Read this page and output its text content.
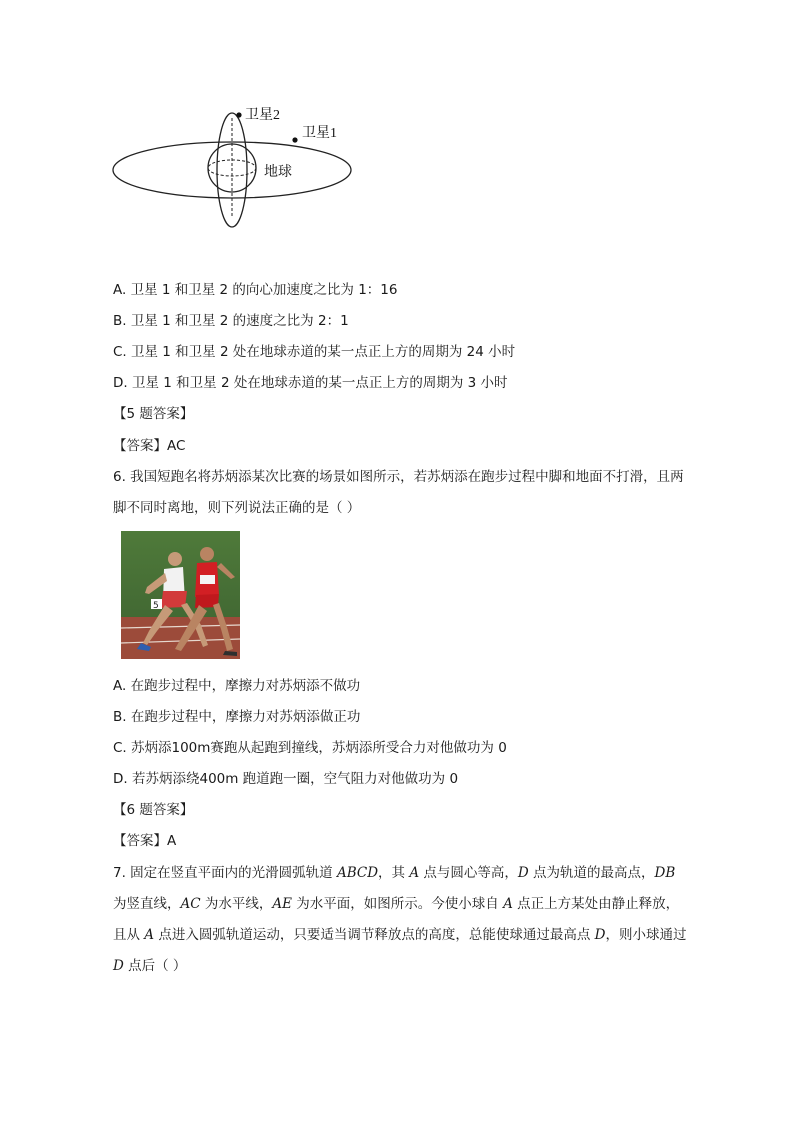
卫星2
卫星1
地球
A. 卫星 1 和卫星 2 的向心加速度之比为 1：16
B. 卫星 1 和卫星 2 的速度之比为 2：1
C. 卫星 1 和卫星 2 处在地球赤道的某一点正上方的周期为 24 小时
D. 卫星 1 和卫星 2 处在地球赤道的某一点正上方的周期为 3 小时
【5 题答案】
【答案】AC
6. 我国短跑名将苏炳添某次比赛的场景如图所示，若苏炳添在跑步过程中脚和地面不打滑，且两
脚不同时离地，则下列说法正确的是（ ）
5
A. 在跑步过程中，摩擦力对苏炳添不做功
B. 在跑步过程中，摩擦力对苏炳添做正功
C. 苏炳添100m赛跑从起跑到撞线，苏炳添所受合力对他做功为 0
D. 若苏炳添绕400m 跑道跑一圈，空气阻力对他做功为 0
【6 题答案】
【答案】A
7. 固定在竖直平面内的光滑圆弧轨道 ABCD，其 A 点与圆心等高，D 点为轨道的最高点，DB
为竖直线，AC 为水平线，AE 为水平面，如图所示。今使小球自 A 点正上方某处由静止释放，
且从 A 点进入圆弧轨道运动，只要适当调节释放点的高度，总能使球通过最高点 D，则小球通过
D 点后（ ）
